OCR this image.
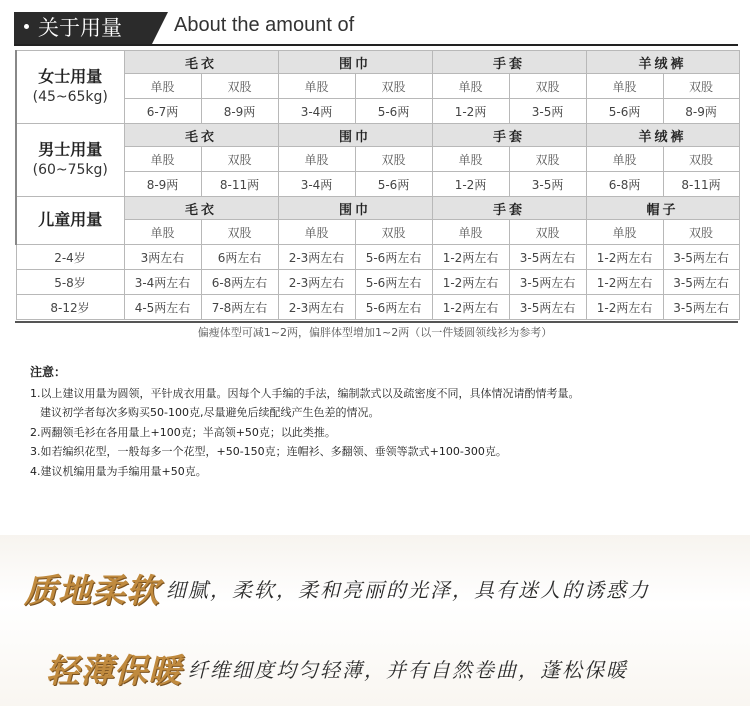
关于用量	About the amount of
女士用量
(45~65kg)	毛衣		围巾		手套		羊绒裤	
	单股	双股	单股	双股	单股	双股	单股	双股
	6-7两	8-9两	3-4两	5-6两	1-2两	3-5两	5-6两	8-9两
男士用量
(60~75kg)	毛衣		围巾		手套		羊绒裤	
	单股	双股	单股	双股	单股	双股	单股	双股
	8-9两	8-11两	3-4两	5-6两	1-2两	3-5两	6-8两	8-11两
儿童用量	毛衣		围巾		手套		帽子	
	单股	双股	单股	双股	单股	双股	单股	双股
2-4岁	3两左右	6两左右	2-3两左右	5-6两左右	1-2两左右	3-5两左右	1-2两左右	3-5两左右
5-8岁	3-4两左右	6-8两左右	2-3两左右	5-6两左右	1-2两左右	3-5两左右	1-2两左右	3-5两左右
8-12岁	4-5两左右	7-8两左右	2-3两左右	5-6两左右	1-2两左右	3-5两左右	1-2两左右	3-5两左右
偏瘦体型可减1~2两，偏胖体型增加1~2两（以一件矮圆领线衫为参考）
注意：
1.以上建议用量为圆领，平针成衣用量。因每个人手编的手法，编制款式以及疏密度不同，具体情况请酌情考量。
建议初学者每次多购买50-100克,尽量避免后续配线产生色差的情况。
2.两翻领毛衫在各用量上+100克；半高领+50克；以此类推。
3.如若编织花型，一般每多一个花型，+50-150克；连帽衫、多翻领、垂领等款式+100-300克。
4.建议机编用量为手编用量+50克。
质地柔软 细腻，柔软，柔和亮丽的光泽，具有迷人的诱惑力
轻薄保暖 纤维细度均匀轻薄，并有自然卷曲，蓬松保暖
